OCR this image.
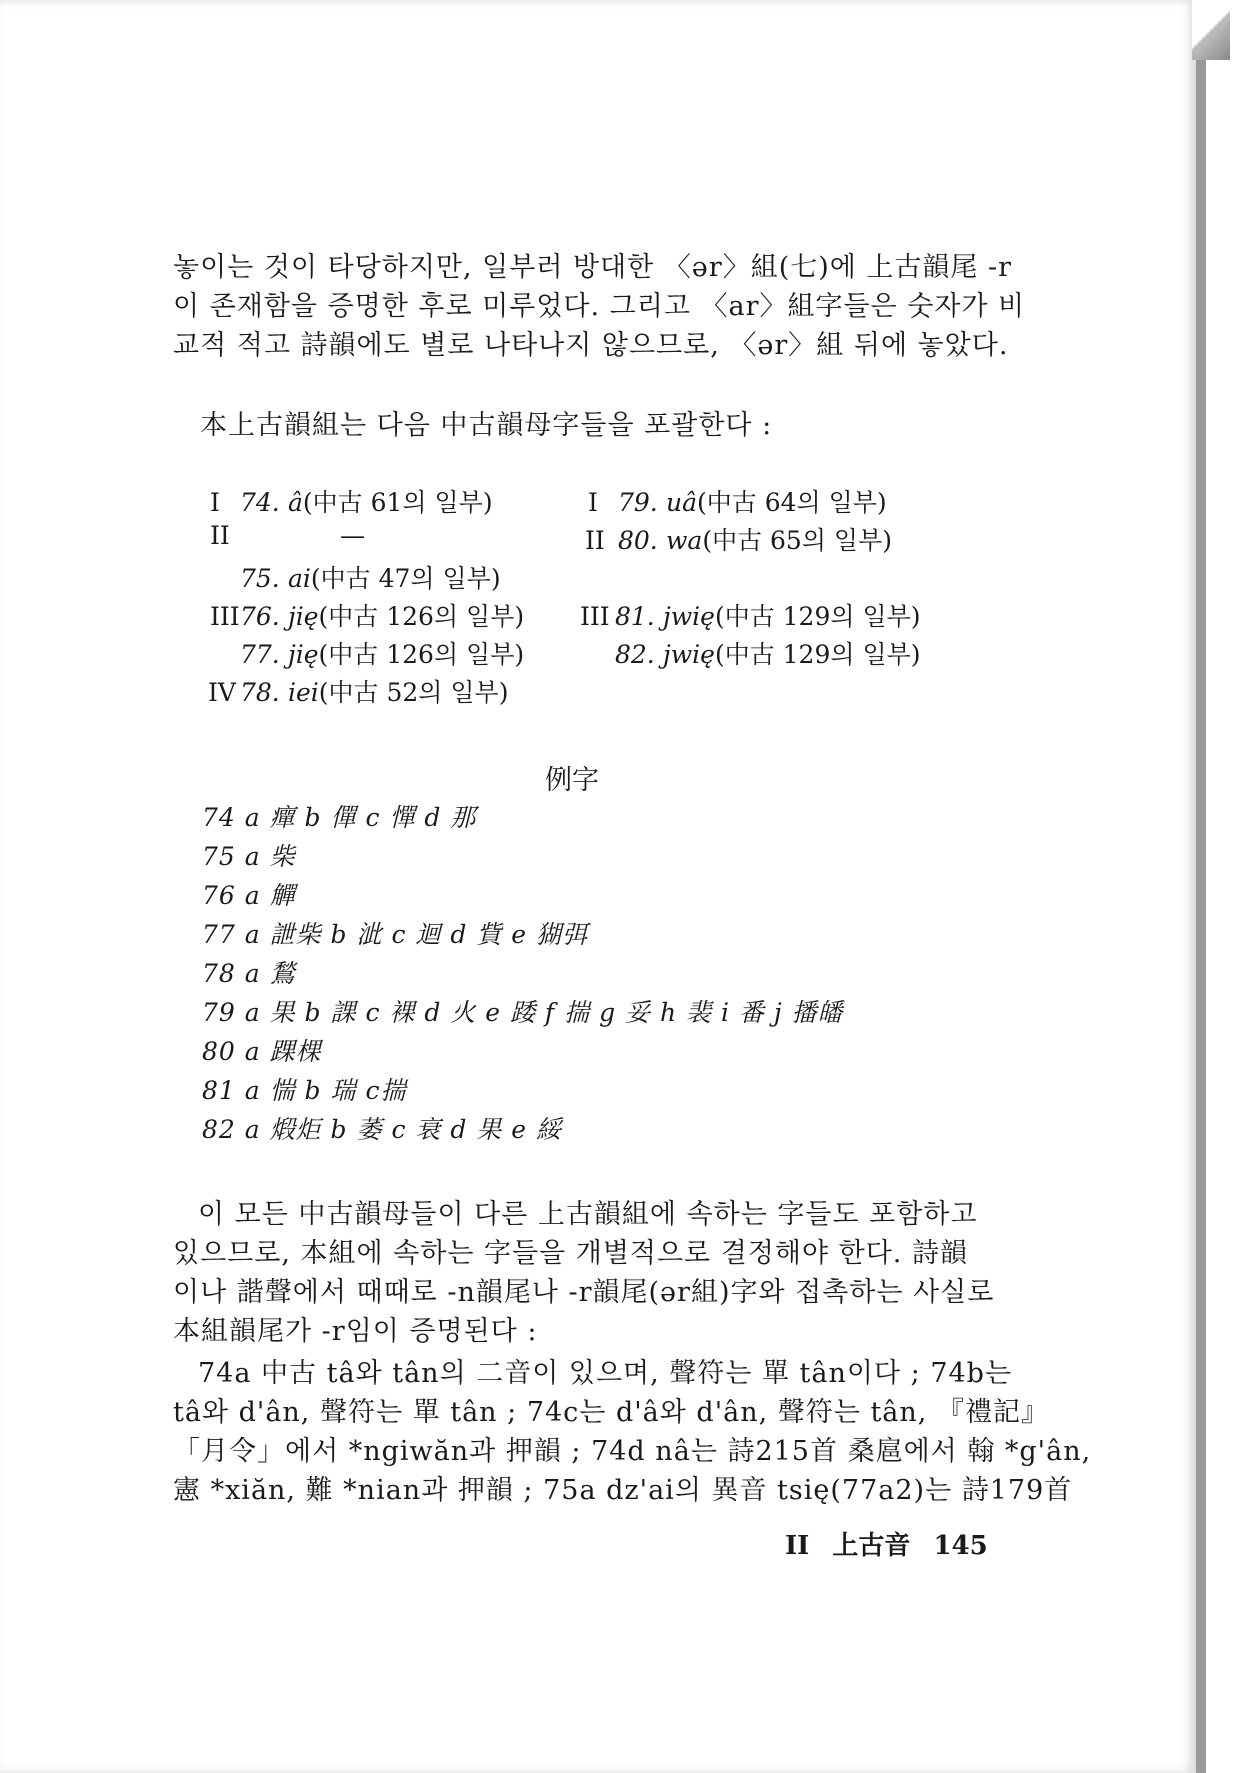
놓이는 것이 타당하지만, 일부러 방대한 〈ər〉組(七)에 上古韻尾 -r
이 존재함을 증명한 후로 미루었다. 그리고 〈ar〉組字들은 숫자가 비
교적 적고 詩韻에도 별로 나타나지 않으므로, 〈ər〉組 뒤에 놓았다.
本上古韻組는 다음 中古韻母字들을 포괄한다 :
I 74. â(中古 61의 일부)
II	—
75. ai(中古 47의 일부)
III76. jię(中古 126의 일부)
77. jię(中古 126의 일부)
IV 78. iei(中古 52의 일부)
I 79. uâ(中古 64의 일부)
II 80. wa(中古 65의 일부)
III 81. jwię(中古 129의 일부)
82. jwię(中古 129의 일부)
例字
74 a 癉 b 僤 c 憚 d 那
75 a 柴
76 a 觶
77 a 詍柴 b 泚 c 迴 d 貲 e 猢弭
78 a 鶖
79 a 果 b 課 c 裸 d 火 e 踒 f 揣 g 妥 h 裴 i 番 j 播皤
80 a 踝棵
81 a 惴 b 瑞 c揣
82 a 煅炬 b 萎 c 衰 d 果 e 綏
이 모든 中古韻母들이 다른 上古韻組에 속하는 字들도 포함하고
있으므로, 本組에 속하는 字들을 개별적으로 결정해야 한다. 詩韻
이나 諧聲에서 때때로 -n韻尾나 -r韻尾(ər組)字와 접촉하는 사실로
本組韻尾가 -r임이 증명된다 :
74a 中古 tâ와 tân의 二音이 있으며, 聲符는 單 tân이다 ; 74b는
tâ와 d'ân, 聲符는 單 tân ; 74c는 d'â와 d'ân, 聲符는 tân, 『禮記』
「月令」에서 *ngiwăn과 押韻 ; 74d nâ는 詩215首 桑扈에서 翰 *g'ân,
憲 *xiăn, 難 *nian과 押韻 ; 75a dz'ai의 異音 tsię(77a2)는 詩179首
II 上古音 145
